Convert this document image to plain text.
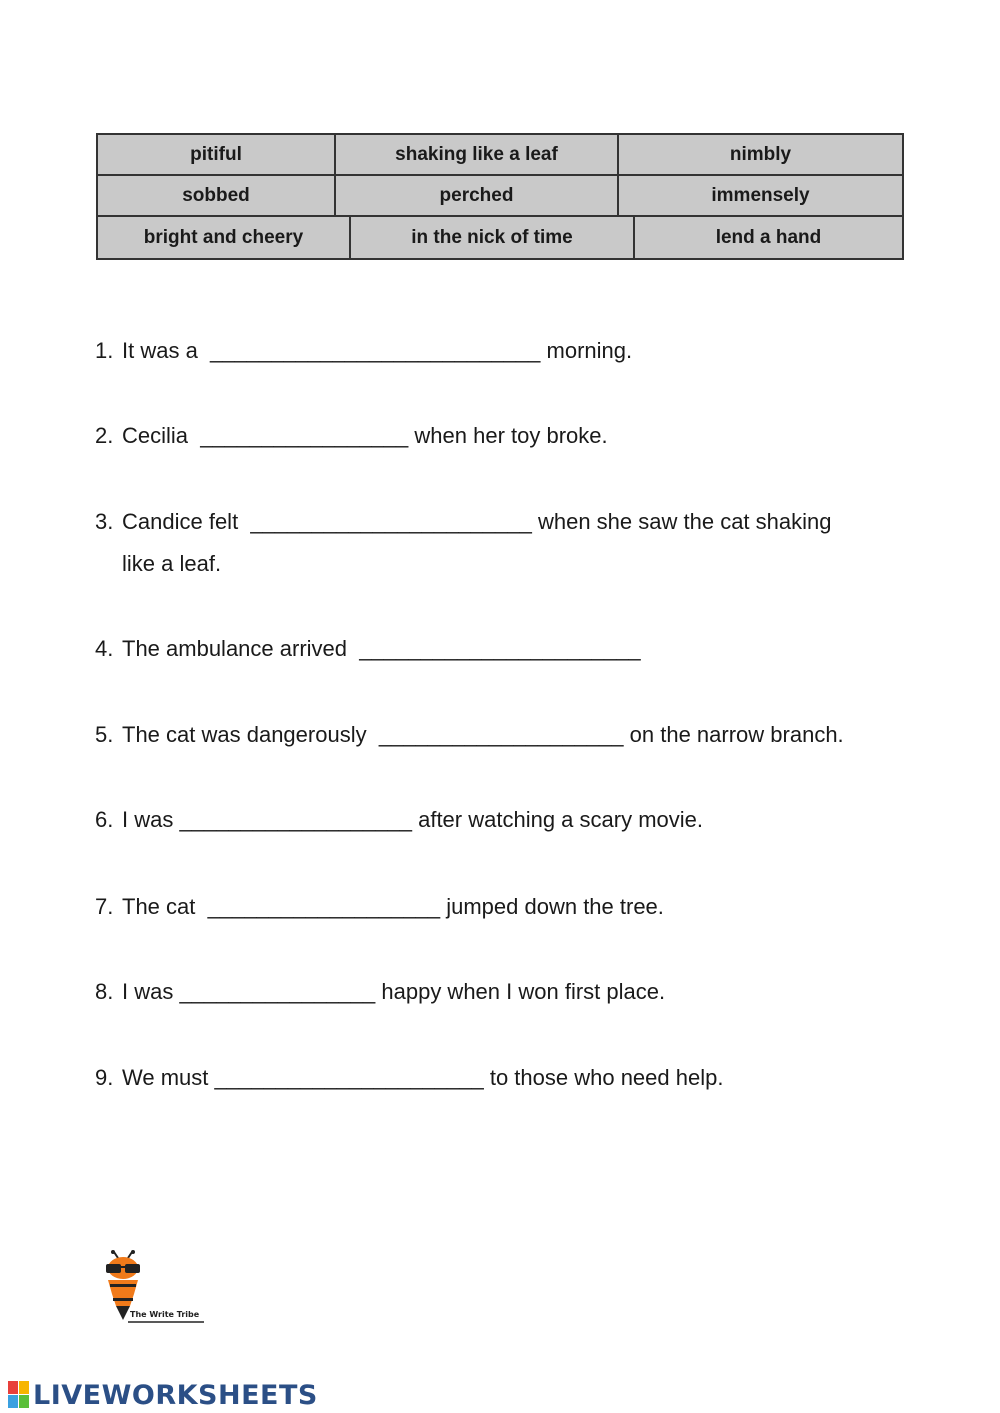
pitiful	shaking like a leaf	nimbly
sobbed	perched	immensely
bright and cheery	in the nick of time	lend a hand
1. It was a ___________________________ morning.
2. Cecilia _________________ when her toy broke.
3. Candice felt _______________________ when she saw the cat shaking
like a leaf.
4. The ambulance arrived _______________________
5. The cat was dangerously ____________________ on the narrow branch.
6. I was ___________________ after watching a scary movie.
7. The cat ___________________ jumped down the tree.
8. I was ________________ happy when I won first place.
9. We must ______________________ to those who need help.
The Write Tribe
LIVEWORKSHEETS
